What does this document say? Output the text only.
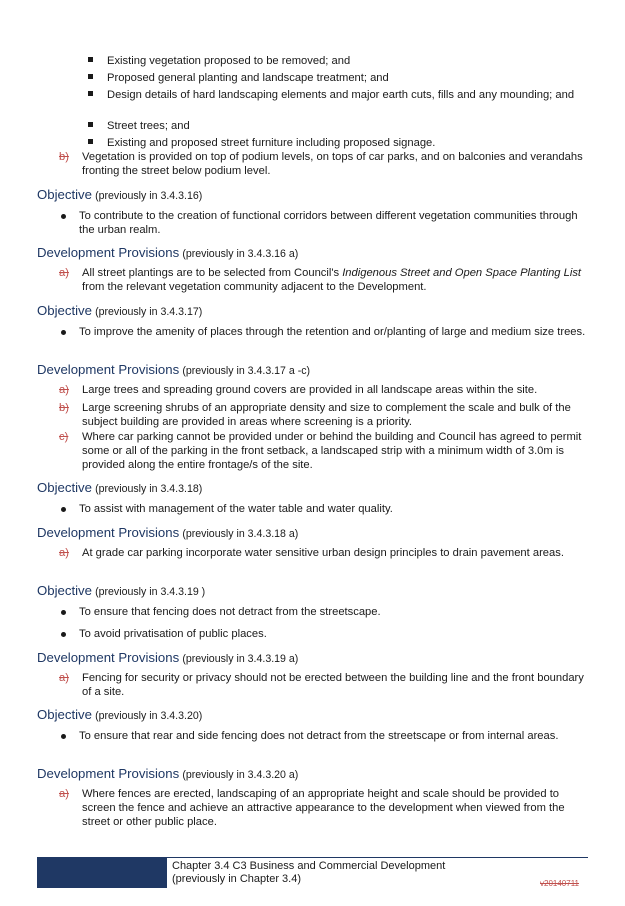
Existing vegetation proposed to be removed; and
Proposed general planting and landscape treatment; and
Design details of hard landscaping elements and major earth cuts, fills and any mounding; and
Street trees; and
Existing and proposed street furniture including proposed signage.
b) Vegetation is provided on top of podium levels, on tops of car parks, and on balconies and verandahs fronting the street below podium level.
Objective (previously in 3.4.3.16)
To contribute to the creation of functional corridors between different vegetation communities through the urban realm.
Development Provisions (previously in 3.4.3.16 a)
a) All street plantings are to be selected from Council's Indigenous Street and Open Space Planting List from the relevant vegetation community adjacent to the Development.
Objective (previously in 3.4.3.17)
To improve the amenity of places through the retention and or/planting of large and medium size trees.
Development Provisions (previously in 3.4.3.17 a -c)
a) Large trees and spreading ground covers are provided in all landscape areas within the site.
b) Large screening shrubs of an appropriate density and size to complement the scale and bulk of the subject building are provided in areas where screening is a priority.
c) Where car parking cannot be provided under or behind the building and Council has agreed to permit some or all of the parking in the front setback, a landscaped strip with a minimum width of 3.0m is provided along the entire frontage/s of the site.
Objective (previously in 3.4.3.18)
To assist with management of the water table and water quality.
Development Provisions (previously in 3.4.3.18 a)
a) At grade car parking incorporate water sensitive urban design principles to drain pavement areas.
Objective (previously in 3.4.3.19 )
To ensure that fencing does not detract from the streetscape.
To avoid privatisation of public places.
Development Provisions (previously in 3.4.3.19 a)
a) Fencing for security or privacy should not be erected between the building line and the front boundary of a site.
Objective (previously in 3.4.3.20)
To ensure that rear and side fencing does not detract from the streetscape or from internal areas.
Development Provisions (previously in 3.4.3.20 a)
a) Where fences are erected, landscaping of an appropriate height and scale should be provided to screen the fence and achieve an attractive appearance to the development when viewed from the street or other public place.
Chapter 3.4 C3 Business and Commercial Development
(previously in Chapter 3.4)	v20140711
